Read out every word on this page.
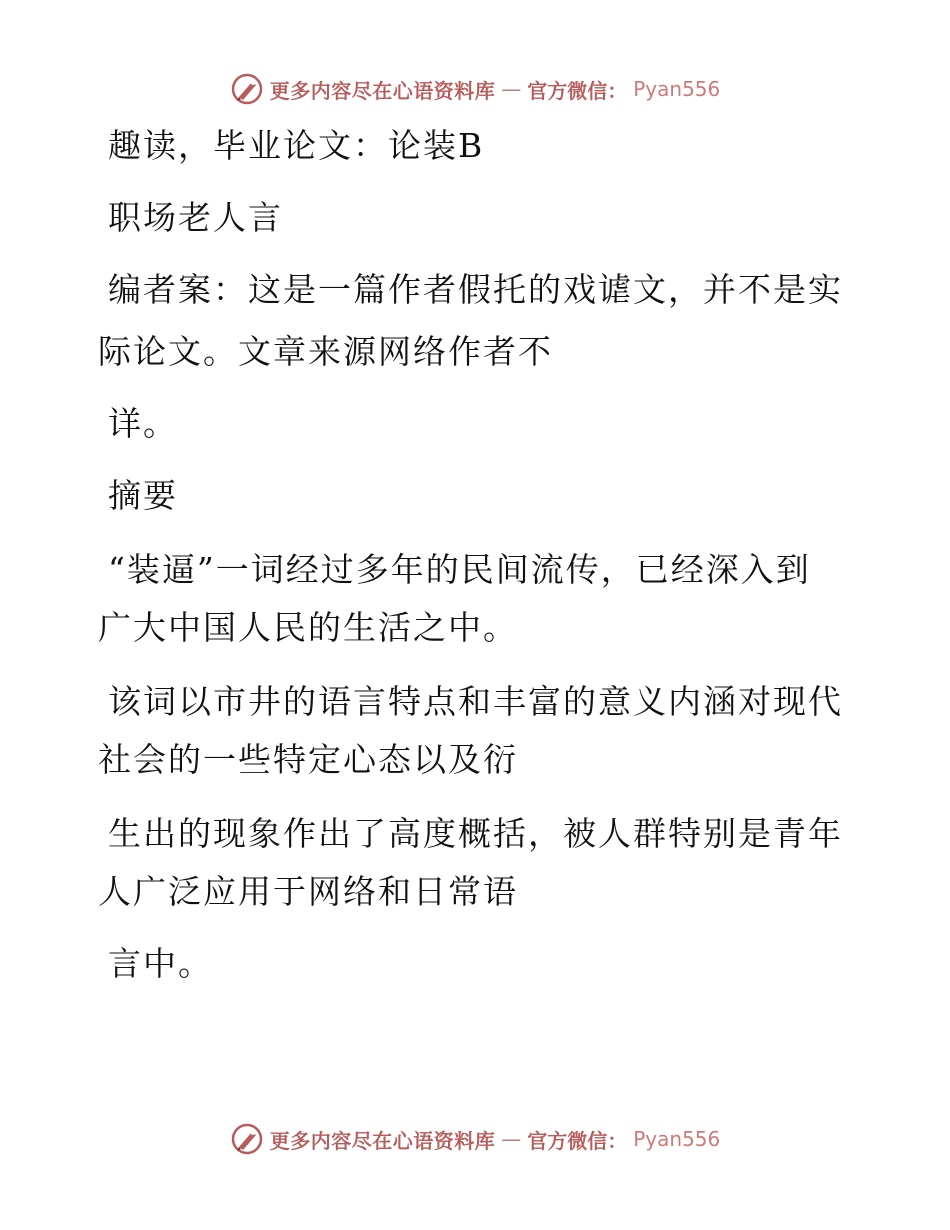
更多内容尽在心语资料库 — 官方微信： Pyan556

趣读，毕业论文：论装B

职场老人言

编者案：这是一篇作者假托的戏谑文，并不是实

际论文。文章来源网络作者不

详。

摘要

“装逼”一词经过多年的民间流传，已经深入到

广大中国人民的生活之中。

该词以市井的语言特点和丰富的意义内涵对现代

社会的一些特定心态以及衍

生出的现象作出了高度概括，被人群特别是青年

人广泛应用于网络和日常语

言中。

更多内容尽在心语资料库 — 官方微信： Pyan556
